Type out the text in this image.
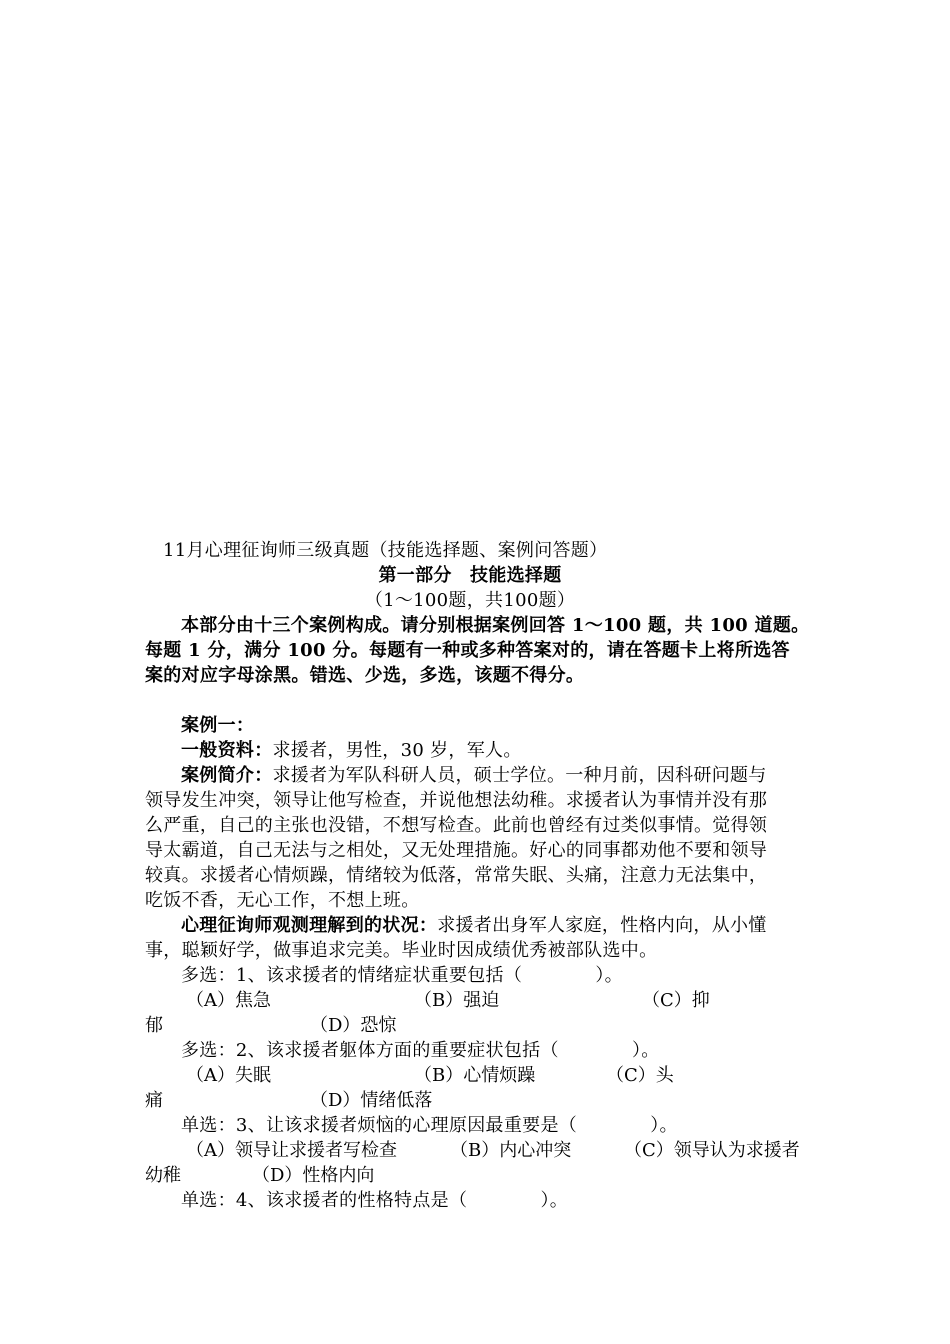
11月心理征询师三级真题（技能选择题、案例问答题）
第一部分　技能选择题
（1～100题，共100题）
本部分由十三个案例构成。请分别根据案例回答 1～100 题，共 100 道题。
每题 1 分，满分 100 分。每题有一种或多种答案对的，请在答题卡上将所选答
案的对应字母涂黑。错选、少选，多选，该题不得分。
案例一：
一般资料：求援者，男性，30 岁，军人。
案例简介：求援者为军队科研人员，硕士学位。一种月前，因科研问题与
领导发生冲突，领导让他写检查，并说他想法幼稚。求援者认为事情并没有那
么严重，自己的主张也没错，不想写检查。此前也曾经有过类似事情。觉得领
导太霸道，自己无法与之相处，又无处理措施。好心的同事都劝他不要和领导
较真。求援者心情烦躁，情绪较为低落，常常失眠、头痛，注意力无法集中，
吃饭不香，无心工作，不想上班。
心理征询师观测理解到的状况：求援者出身军人家庭，性格内向，从小懂
事，聪颖好学，做事追求完美。毕业时因成绩优秀被部队选中。
多选：1、该求援者的情绪症状重要包括（　　　　）。
（A）焦急	（B）强迫	（C）抑
郁	（D）恐惊
多选：2、该求援者躯体方面的重要症状包括（　　　　）。
（A）失眠	（B）心情烦躁	（C）头
痛	（D）情绪低落
单选：3、让该求援者烦恼的心理原因最重要是（　　　　）。
（A）领导让求援者写检查	（B）内心冲突	（C）领导认为求援者
幼稚	（D）性格内向
单选：4、该求援者的性格特点是（　　　　）。
